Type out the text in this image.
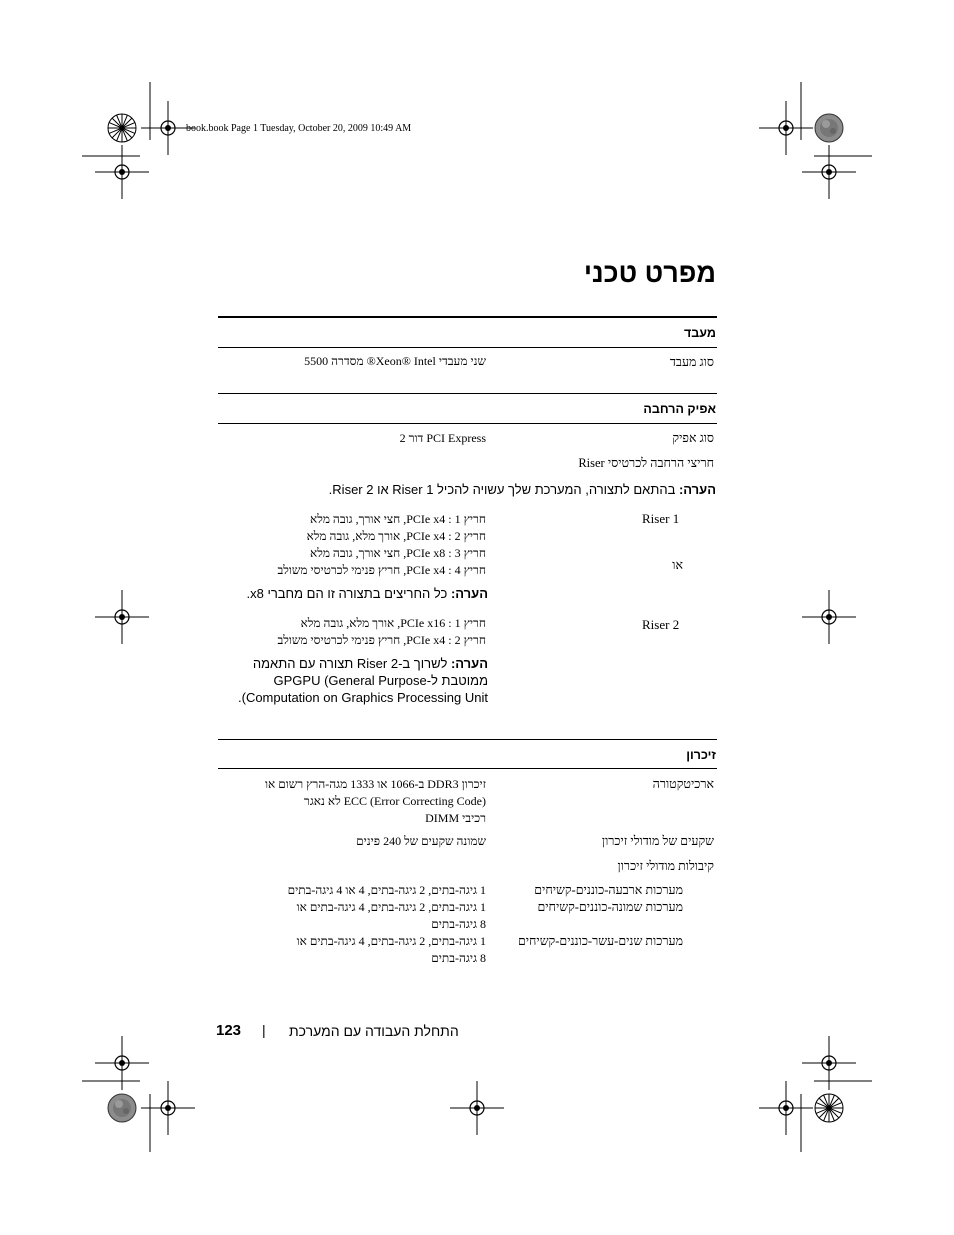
book.book Page 1 Tuesday, October 20, 2009 10:49 AM
מפרט טכני
מעבד
סוג מעבד
שני מעבדי Xeon® Intel® מסדרה 5500
אפיק הרחבה
סוג אפיק
PCI Express דור 2
חריצי הרחבה לכרטיסי Riser
הערה: בהתאם לתצורה, המערכת שלך עשויה להכיל Riser 1 או Riser 2.
Riser 1
חריץ 1 : PCIe x4, חצי אורך, גובה מלא
חריץ 2 : PCIe x4, אורך מלא, גובה מלא
חריץ 3 : PCIe x8, חצי אורך, גובה מלא
חריץ 4 : PCIe x4, חריץ פנימי לכרטיסי משולב	או
הערה: כל החריצים בתצורה זו הם מחברי x8.
Riser 2
חריץ 1 : PCIe x16, אורך מלא, גובה מלא
חריץ 2 : PCIe x4, חריץ פנימי לכרטיסי משולב
הערה: לשרוך ב-Riser 2 תצורה עם התאמה
ממוטבת ל-GPGPU (General Purpose
Computation on Graphics Processing Unit).
זיכרון
ארכיטקטורה
זיכרון DDR3 ב-1066 או 1333 מגה-הרץ רשום או
ECC (Error Correcting Code) לא נאגר
רכיבי DIMM
שקעים של מודולי זיכרון
שמונה שקעים של 240 פינים
קיבולות מודולי זיכרון
מערכות ארבעה-כוננים-קשיחים
1 גיגה-בתים, 2 גיגה-בתים, 4 או 4 גיגה-בתים
מערכות שמונה-כוננים-קשיחים
1 גיגה-בתים, 2 גיגה-בתים, 4 גיגה-בתים או
8 גיגה-בתים
מערכות שנים-עשר-כוננים-קשיחים
1 גיגה-בתים, 2 גיגה-בתים, 4 גיגה-בתים או
8 גיגה-בתים
123 | התחלת העבודה עם המערכת
